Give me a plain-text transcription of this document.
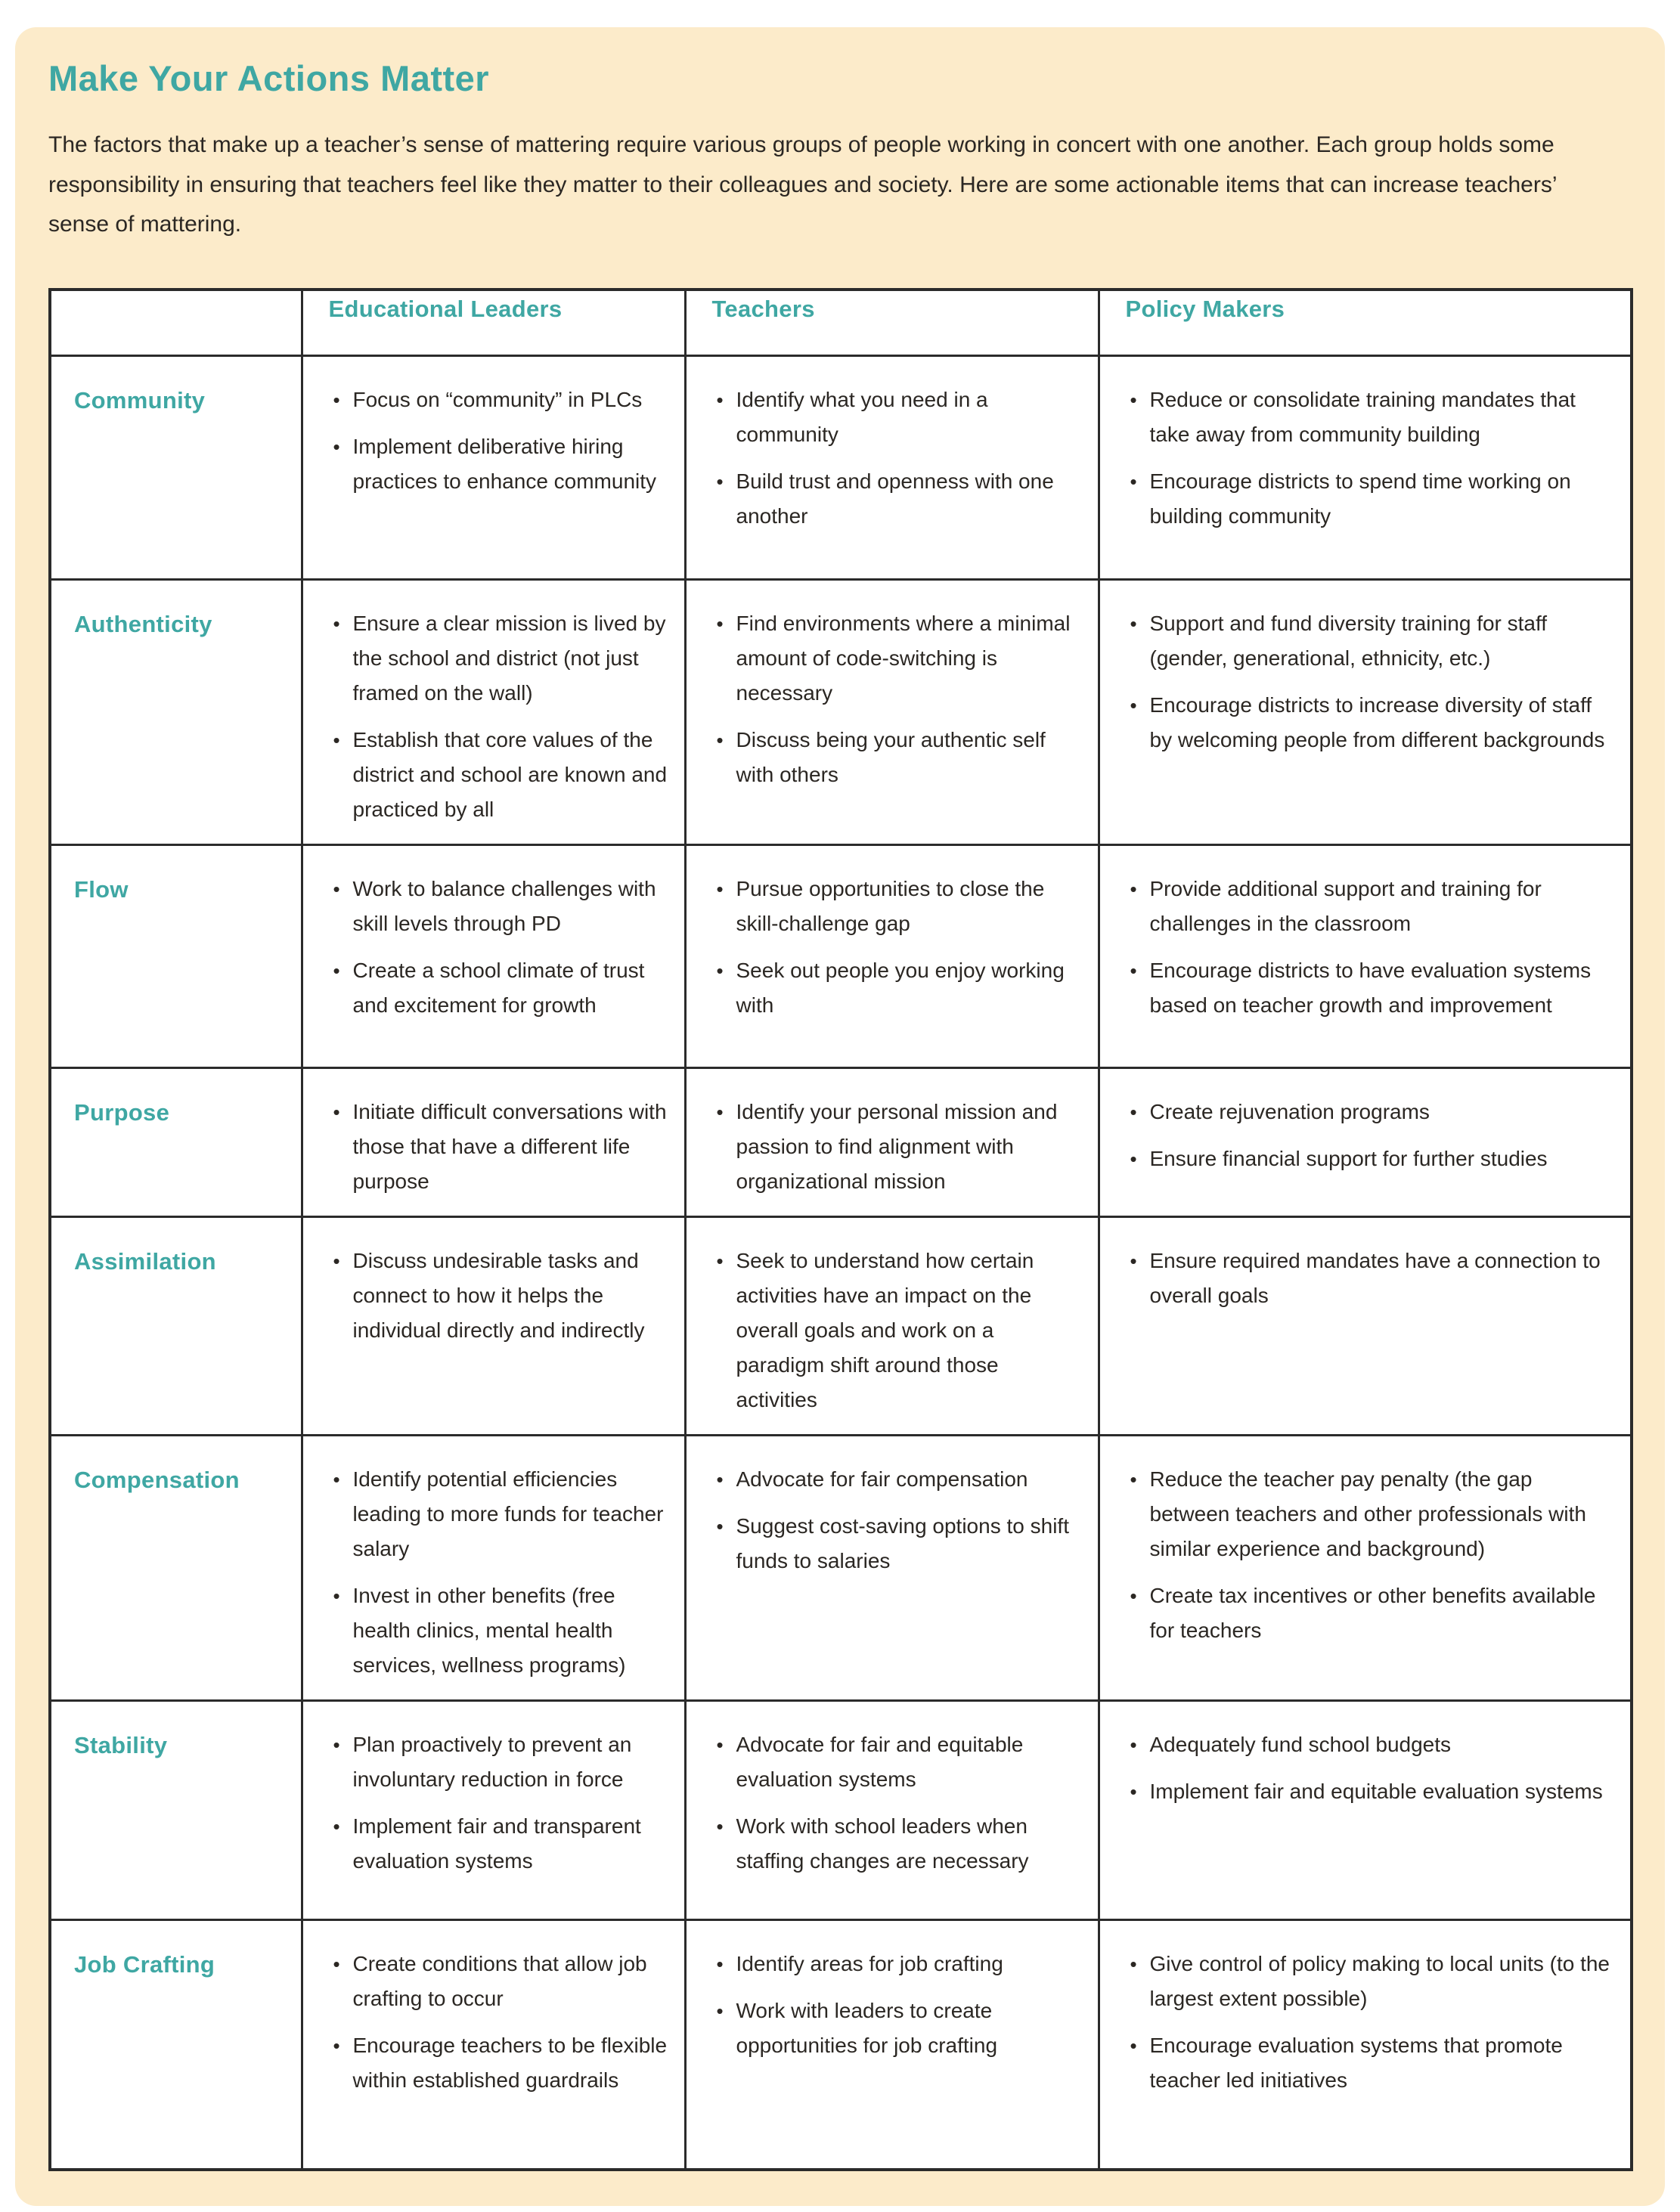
Make Your Actions Matter

The factors that make up a teacher’s sense of mattering require various groups of people working in concert with one another. Each group holds some responsibility in ensuring that teachers feel like they matter to their colleagues and society. Here are some actionable items that can increase teachers’ sense of mattering.

	Educational Leaders	Teachers	Policy Makers
Community	
•Focus on “community” in PLCs
• Implement deliberative hiring practices to enhance community

• Identify what you need in a community
• Build trust and openness with one another

• Reduce or consolidate training mandates that take away from community building
• Encourage districts to spend time working on building community

Authenticity	
•Ensure a clear mission is lived by the school and district (not just framed on the wall)
• Establish that core values of the district and school are known and practiced by all

• Find environments where a minimal amount of code-switching is necessary
• Discuss being your authentic self with others

• Support and fund diversity training for staff (gender, generational, ethnicity, etc.)
• Encourage districts to increase diversity of staff by welcoming people from different backgrounds

Flow	
•Work to balance challenges with skill levels through PD
• Create a school climate of trust and excitement for growth

• Pursue opportunities to close the skill-challenge gap
• Seek out people you enjoy working with

• Provide additional support and training for challenges in the classroom
• Encourage districts to have evaluation systems based on teacher growth and improvement

Purpose	
•Initiate difficult conversations with those that have a different life purpose

• Identify your personal mission and passion to find alignment with organizational mission

• Create rejuvenation programs
• Ensure financial support for further studies

Assimilation	
•Discuss undesirable tasks and connect to how it helps the individual directly and indirectly

• Seek to understand how certain activities have an impact on the overall goals and work on a paradigm shift around those activities

• Ensure required mandates have a connection to overall goals

Compensation	
•Identify potential efficiencies leading to more funds for teacher salary
• Invest in other benefits (free health clinics, mental health services, wellness programs)

• Advocate for fair compensation
• Suggest cost-saving options to shift funds to salaries

• Reduce the teacher pay penalty (the gap between teachers and other professionals with similar experience and background)
• Create tax incentives or other benefits available for teachers

Stability	
•Plan proactively to prevent an involuntary reduction in force
• Implement fair and transparent evaluation systems

• Advocate for fair and equitable evaluation systems
• Work with school leaders when staffing changes are necessary

• Adequately fund school budgets
• Implement fair and equitable evaluation systems

Job Crafting	
•Create conditions that allow job crafting to occur
• Encourage teachers to be flexible within established guardrails

• Identify areas for job crafting
• Work with leaders to create opportunities for job crafting

• Give control of policy making to local units (to the largest extent possible)
• Encourage evaluation systems that promote teacher led initiatives
